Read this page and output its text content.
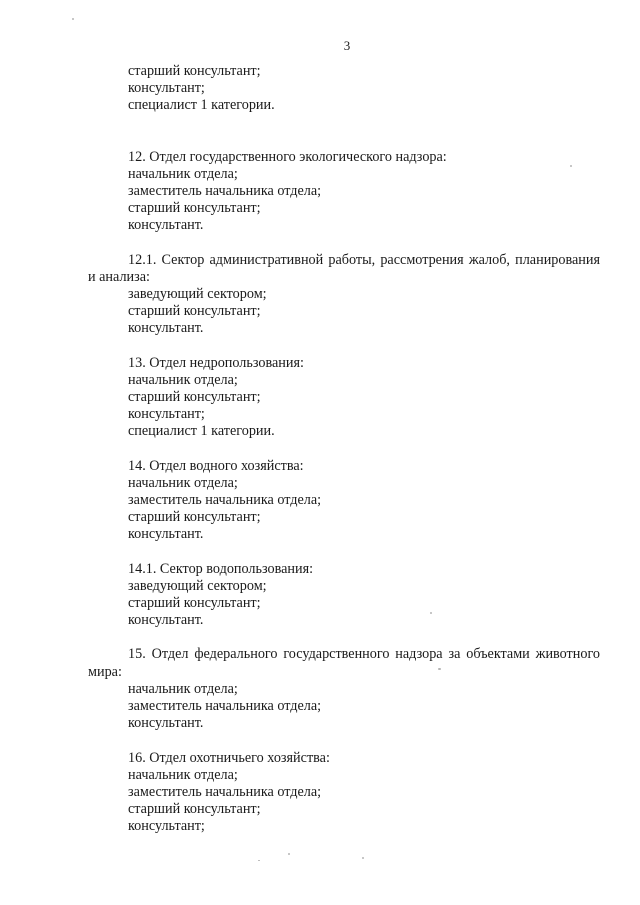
3
старший консультант;
консультант;
специалист 1 категории.
12. Отдел государственного экологического надзора:
начальник отдела;
заместитель начальника отдела;
старший консультант;
консультант.
12.1. Сектор административной работы, рассмотрения жалоб, планирования и анализа:
заведующий сектором;
старший консультант;
консультант.
13. Отдел недропользования:
начальник отдела;
старший консультант;
консультант;
специалист 1 категории.
14. Отдел водного хозяйства:
начальник отдела;
заместитель начальника отдела;
старший консультант;
консультант.
14.1. Сектор водопользования:
заведующий сектором;
старший консультант;
консультант.
15. Отдел федерального государственного надзора за объектами животного мира:
начальник отдела;
заместитель начальника отдела;
консультант.
16. Отдел охотничьего хозяйства:
начальник отдела;
заместитель начальника отдела;
старший консультант;
консультант;
